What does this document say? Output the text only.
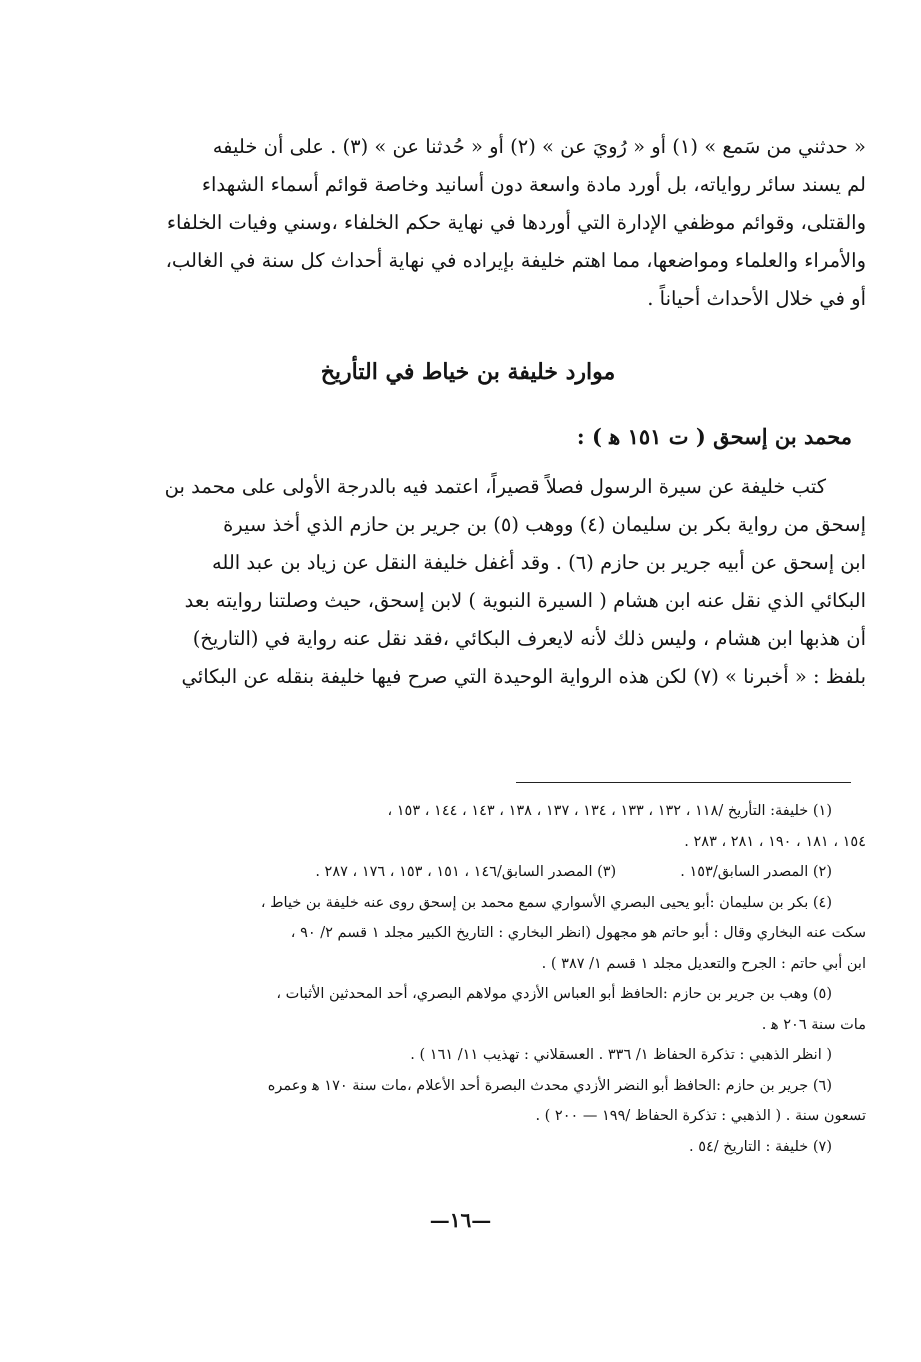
« حدثني من سَمع » (١) أو « رُويَ عن » (٢) أو « حُدثنا عن » (٣) . على أن خليفه
لم يسند سائر رواياته، بل أورد مادة واسعة دون أسانيد وخاصة قوائم أسماء الشهداء
والقتلى، وقوائم موظفي الإدارة التي أوردها في نهاية حكم الخلفاء ،وسني وفيات الخلفاء
والأمراء والعلماء ومواضعها، مما اهتم خليفة بإيراده في نهاية أحداث كل سنة في الغالب،
أو في خلال الأحداث أحياناً .

موارد خليفة بن خياط في التأريخ
محمد بن إسحق ( ت ١٥١ ﻫ ) :

كتب خليفة عن سيرة الرسول فصلاً قصيراً، اعتمد فيه بالدرجة الأولى على محمد بن
إسحق من رواية بكر بن سليمان (٤) ووهب (٥) بن جرير بن حازم الذي أخذ سيرة
ابن إسحق عن أبيه جرير بن حازم (٦) . وقد أغفل خليفة النقل عن زياد بن عبد الله
البكائي الذي نقل عنه ابن هشام ( السيرة النبوية ) لابن إسحق، حيث وصلتنا روايته بعد
أن هذبها ابن هشام ، وليس ذلك لأنه لايعرف البكائي ،فقد نقل عنه رواية في (التاريخ)
بلفظ : « أخبرنا » (٧) لكن هذه الرواية الوحيدة التي صرح فيها خليفة بنقله عن البكائي

(١) خليفة: التأريخ /١١٨ ، ١٣٢ ، ١٣٣ ، ١٣٤ ، ١٣٧ ، ١٣٨ ، ١٤٣ ، ١٤٤ ، ١٥٣ ،

١٥٤ ، ١٨١ ، ١٩٠ ، ٢٨١ ، ٢٨٣ .

(٢) المصدر السابق/١٥٣ .
(٣) المصدر السابق/١٤٦ ، ١٥١ ، ١٥٣ ، ١٧٦ ، ٢٨٧ .

(٤) بكر بن سليمان :أبو يحيى البصري الأسواري سمع محمد بن إسحق روى عنه خليفة بن خياط ،

سكت عنه البخاري وقال : أبو حاتم هو مجهول (انظر البخاري : التاريخ الكبير مجلد ١ قسم ٢/ ٩٠ ،

ابن أبي حاتم : الجرح والتعديل مجلد ١ قسم ١/ ٣٨٧ ) .

(٥) وهب بن جرير بن حازم :الحافظ أبو العباس الأزدي مولاهم البصري، أحد المحدثين الأثبات ،

مات سنة ٢٠٦ ﻫ .

( انظر الذهبي : تذكرة الحفاظ ١/ ٣٣٦ . العسقلاني : تهذيب ١١/ ١٦١ ) .

(٦) جرير بن حازم :الحافظ أبو النضر الأزدي محدث البصرة أحد الأعلام ،مات سنة ١٧٠ ﻫ وعمره

تسعون سنة . ( الذهبي : تذكرة الحفاظ /١٩٩ — ٢٠٠ ) .

(٧) خليفة : التاريخ /٥٤ .

—١٦—
